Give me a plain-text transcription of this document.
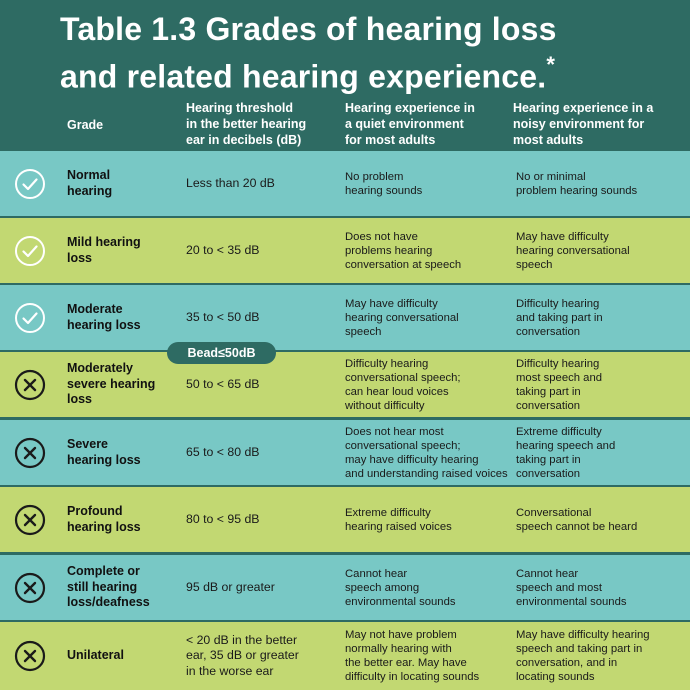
Table 1.3 Grades of hearing loss
and related hearing experience.*
Grade
Hearing threshold
in the better hearing
ear in decibels (dB)
Hearing experience in
a quiet environment
for most adults
Hearing experience in a
noisy environment for
most adults
Normal
hearing
Less than 20 dB	No problem
hearing sounds
No or minimal
problem hearing sounds
Mild hearing
loss
20 to < 35 dB
Does not have
problems hearing
conversation at speech
May have difficulty
hearing conversational
speech
Moderate
hearing loss
35 to < 50 dB
May have difficulty
hearing conversational
speech
Difficulty hearing
and taking part in
conversation
Moderately
severe hearing
loss
50 to < 65 dB
Difficulty hearing
conversational speech;
can hear loud voices
without difficulty
Difficulty hearing
most speech and
taking part in
conversation
Severe
hearing loss
65 to < 80 dB
Does not hear most
conversational speech;
may have difficulty hearing
and understanding raised voices
Extreme difficulty
hearing speech and
taking part in
conversation
Profound
hearing loss
80 to < 95 dB	Extreme difficulty
hearing raised voices
Conversational
speech cannot be heard
Complete or
still hearing
loss/deafness
95 dB or greater
Cannot hear
speech among
environmental sounds
Cannot hear
speech and most
environmental sounds
Unilateral
< 20 dB in the better
ear, 35 dB or greater
in the worse ear
May not have problem
normally hearing with
the better ear. May have
difficulty in locating sounds
May have difficulty hearing
speech and taking part in
conversation, and in
locating sounds
Bead≤50dB
